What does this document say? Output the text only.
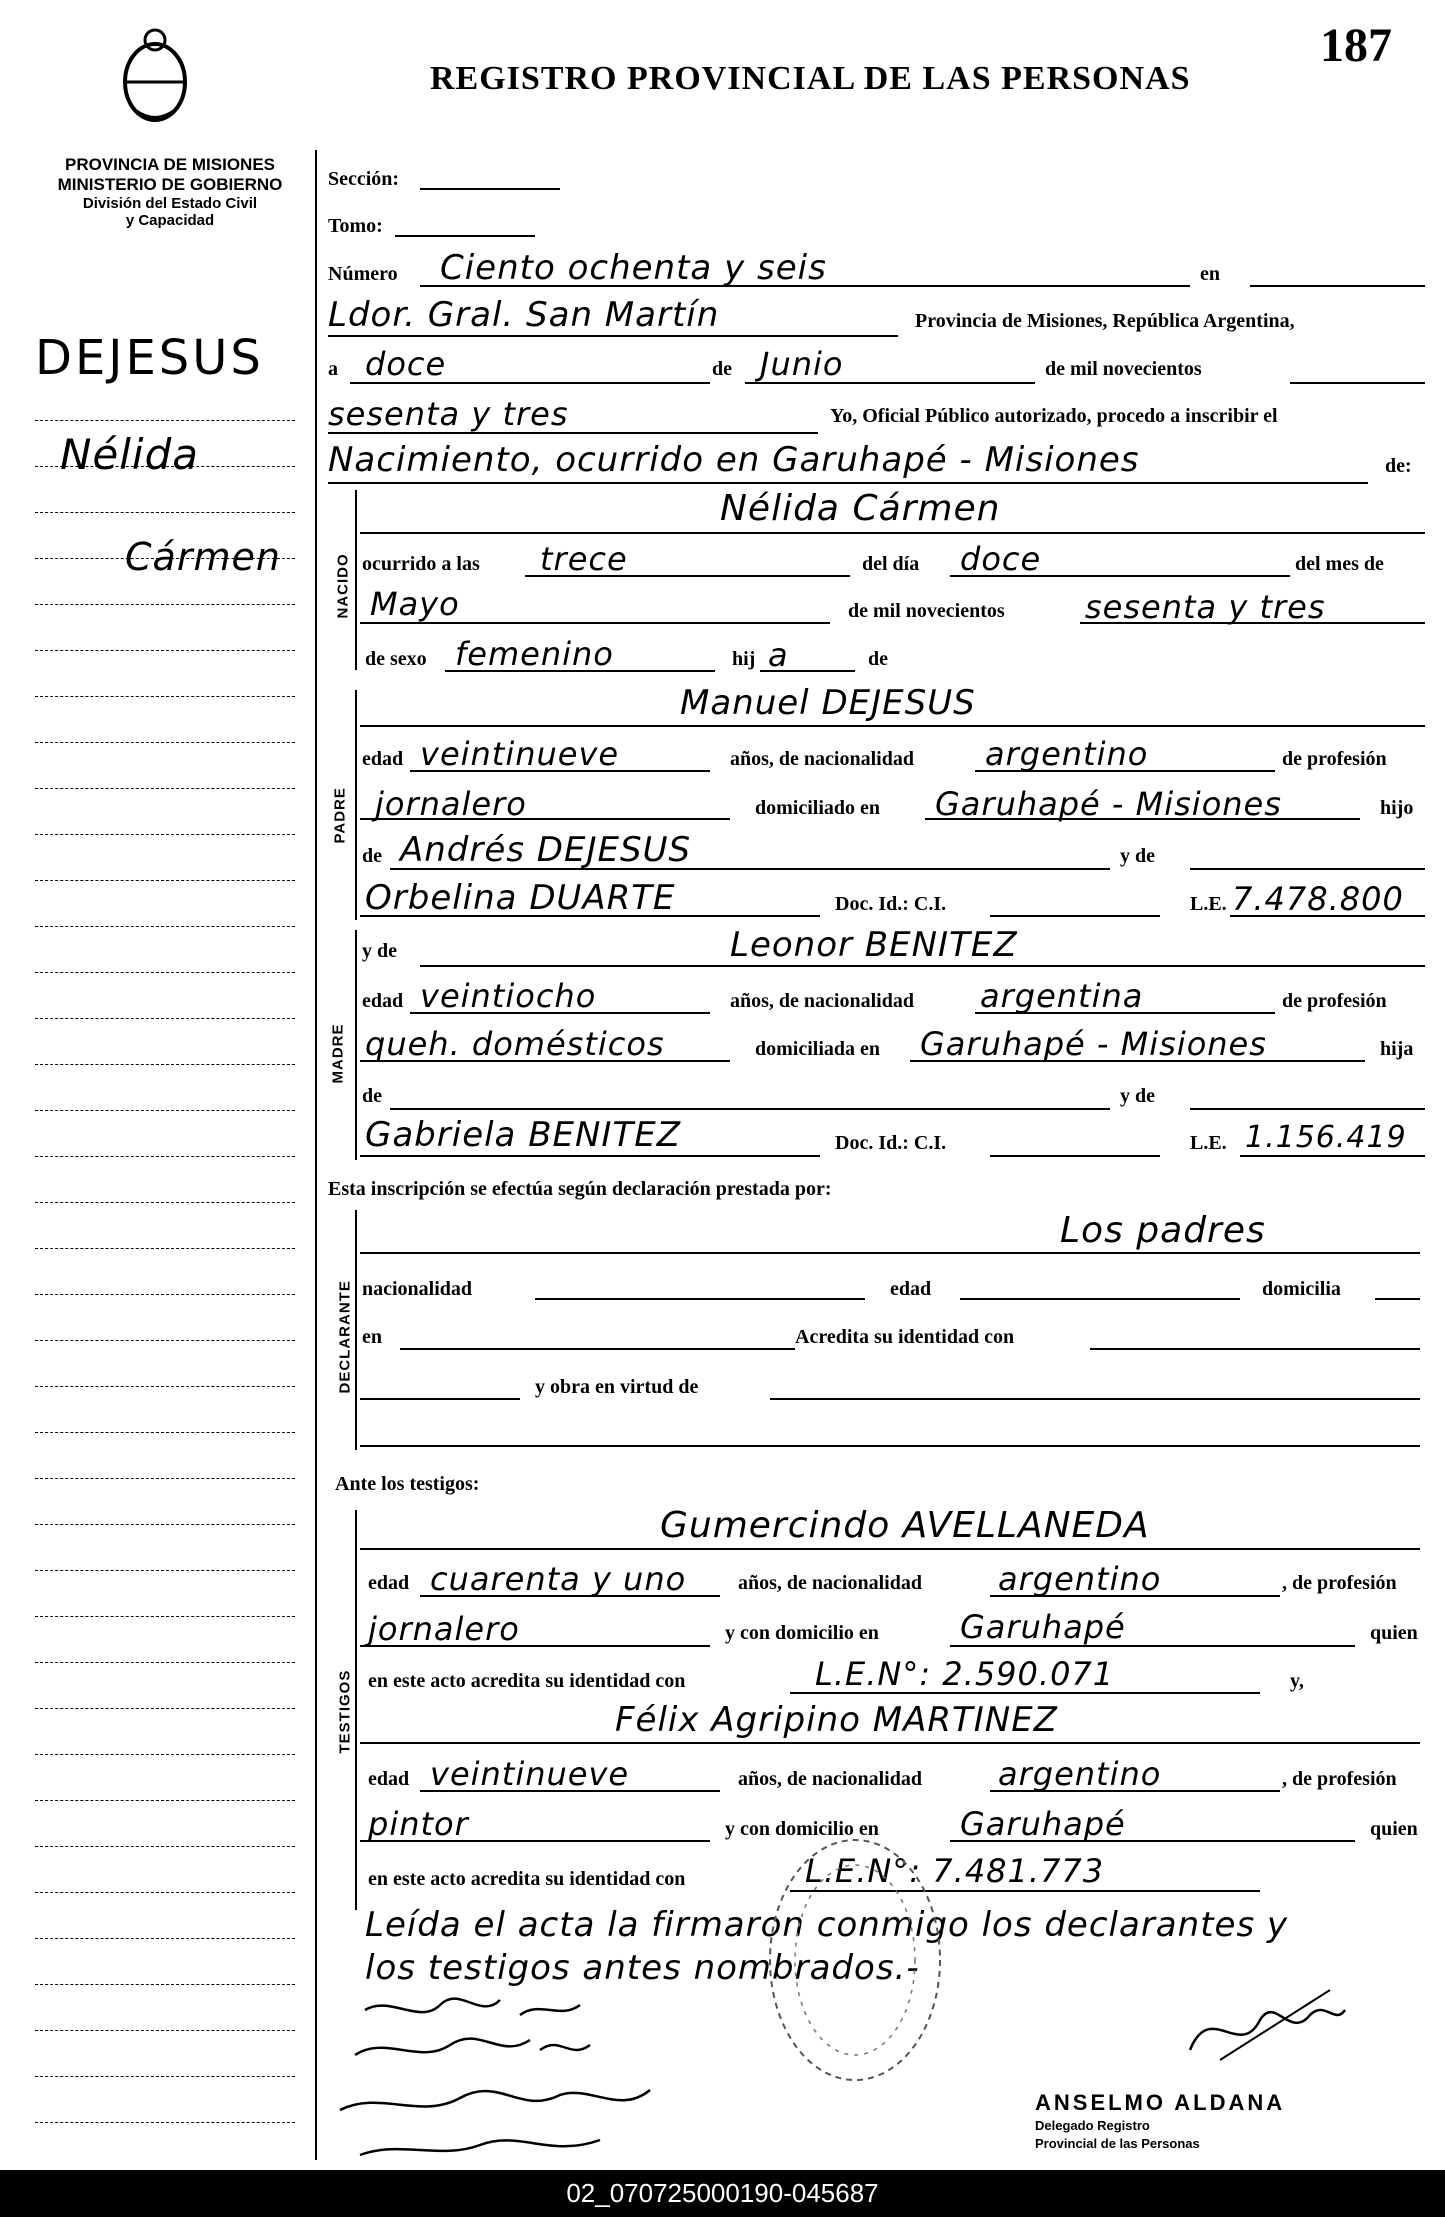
187
REGISTRO PROVINCIAL DE LAS PERSONAS
PROVINCIA DE MISIONES
MINISTERIO DE GOBIERNO
División del Estado Civil
y Capacidad
DEJESUS
Nélida
Cármen	NACIDO
PADRE
MADRE
DECLARANTE
TESTIGOS
Sección:
Tomo:
Número Ciento ochenta y seis	en
Ldor. Gral. San Martín	Provincia de Misiones, República Argentina,
a doce	de Junio	de mil novecientos
sesenta y tres	Yo, Oficial Público autorizado, procedo a inscribir el
Nacimiento, ocurrido en Garuhapé - Misiones	de:
Nélida Cármen
ocurrido a las trece	del día doce	del mes de
Mayo	de mil novecientos	sesenta y tres
de sexo femenino	hij a	de
Manuel DEJESUS
edad veintinueve	años, de nacionalidad argentino	de profesión
jornalero	domiciliado en Garuhapé - Misiones	hijo
de Andrés DEJESUS	y de
Orbelina DUARTE	Doc. Id.: C.I.	L.E. 7.478.800
y de	Leonor BENITEZ
edad veintiocho	años, de nacionalidad argentina	de profesión
queh. domésticos	domiciliada en Garuhapé - Misiones	hija
de	y de
Gabriela BENITEZ	Doc. Id.: C.I.	L.E. 1.156.419
Esta inscripción se efectúa según declaración prestada por:
Los padres
nacionalidad	edad	domicilia
en	Acredita su identidad con
y obra en virtud de
Ante los testigos:
Gumercindo AVELLANEDA
edad cuarenta y uno	años, de nacionalidad argentino	, de profesión
jornalero	y con domicilio en	Garuhapé	quien
en este acto acredita su identidad con	L.E.N°: 2.590.071	y,
Félix Agripino MARTINEZ
edad veintinueve	años, de nacionalidad argentino	, de profesión
pintor	y con domicilio en	Garuhapé	quien
en este acto acredita su identidad con	L.E.N°: 7.481.773
Leída el acta la firmaron conmigo los declarantes y
los testigos antes nombrados.-
ANSELMO ALDANA
Delegado Registro
Provincial de las Personas
02_0707250001​90-045687
